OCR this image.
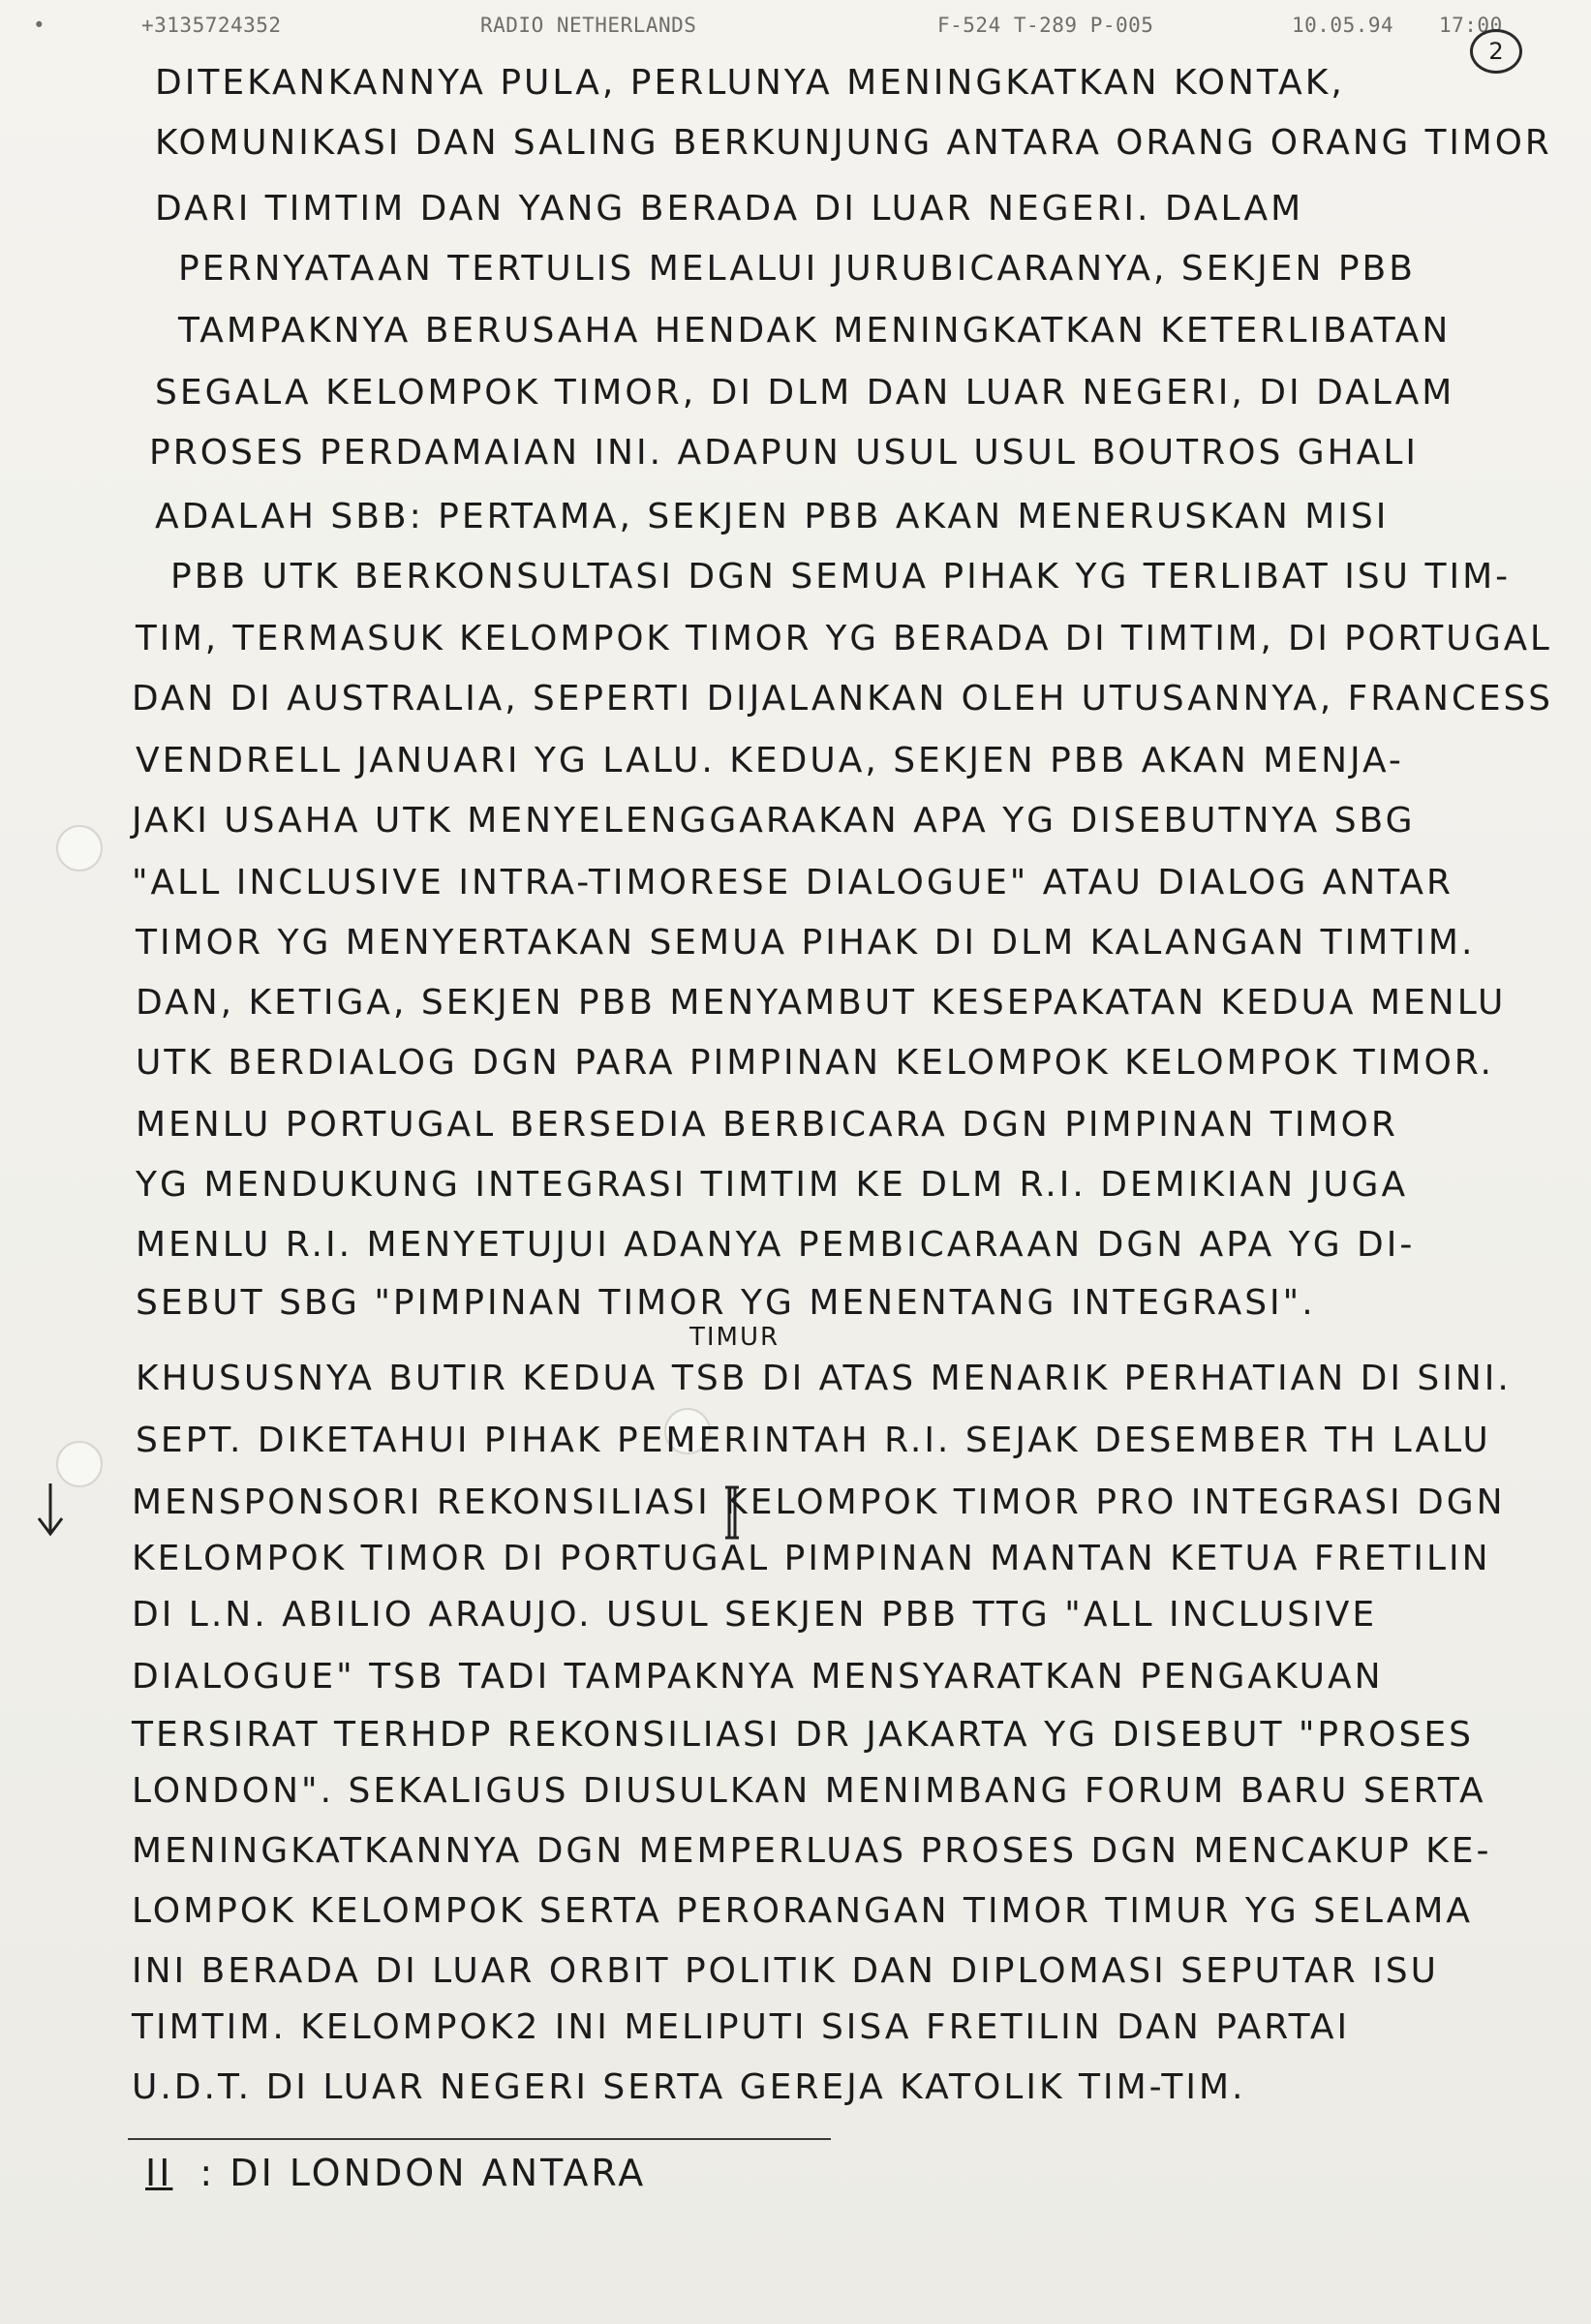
•	+3135724352	RADIO NETHERLANDS	F-524 T-289 P-005	10.05.94 17:00
2
TIMUR
DITEKANKANNYA PULA, PERLUNYA MENINGKATKAN KONTAK,
KOMUNIKASI DAN SALING BERKUNJUNG ANTARA ORANG ORANG TIMOR
DARI TIMTIM DAN YANG BERADA DI LUAR NEGERI. DALAM
PERNYATAAN TERTULIS MELALUI JURUBICARANYA, SEKJEN PBB
TAMPAKNYA BERUSAHA HENDAK MENINGKATKAN KETERLIBATAN
SEGALA KELOMPOK TIMOR, DI DLM DAN LUAR NEGERI, DI DALAM
PROSES PERDAMAIAN INI. ADAPUN USUL USUL BOUTROS GHALI
ADALAH SBB: PERTAMA, SEKJEN PBB AKAN MENERUSKAN MISI
PBB UTK BERKONSULTASI DGN SEMUA PIHAK YG TERLIBAT ISU TIM-
TIM, TERMASUK KELOMPOK TIMOR YG BERADA DI TIMTIM, DI PORTUGAL
DAN DI AUSTRALIA, SEPERTI DIJALANKAN OLEH UTUSANNYA, FRANCESS
VENDRELL JANUARI YG LALU. KEDUA, SEKJEN PBB AKAN MENJA-
JAKI USAHA UTK MENYELENGGARAKAN APA YG DISEBUTNYA SBG
"ALL INCLUSIVE INTRA-TIMORESE DIALOGUE" ATAU DIALOG ANTAR
TIMOR YG MENYERTAKAN SEMUA PIHAK DI DLM KALANGAN TIMTIM.
DAN, KETIGA, SEKJEN PBB MENYAMBUT KESEPAKATAN KEDUA MENLU
UTK BERDIALOG DGN PARA PIMPINAN KELOMPOK KELOMPOK TIMOR.
MENLU PORTUGAL BERSEDIA BERBICARA DGN PIMPINAN TIMOR
YG MENDUKUNG INTEGRASI TIMTIM KE DLM R.I. DEMIKIAN JUGA
MENLU R.I. MENYETUJUI ADANYA PEMBICARAAN DGN APA YG DI-
SEBUT SBG "PIMPINAN TIMOR YG MENENTANG INTEGRASI".
KHUSUSNYA BUTIR KEDUA TSB DI ATAS MENARIK PERHATIAN DI SINI.
SEPT. DIKETAHUI PIHAK PEMERINTAH R.I. SEJAK DESEMBER TH LALU
MENSPONSORI REKONSILIASI KELOMPOK TIMOR PRO INTEGRASI DGN
KELOMPOK TIMOR DI PORTUGAL PIMPINAN MANTAN KETUA FRETILIN
DI L.N. ABILIO ARAUJO. USUL SEKJEN PBB TTG "ALL INCLUSIVE
DIALOGUE" TSB TADI TAMPAKNYA MENSYARATKAN PENGAKUAN
TERSIRAT TERHDP REKONSILIASI DR JAKARTA YG DISEBUT "PROSES
LONDON". SEKALIGUS DIUSULKAN MENIMBANG FORUM BARU SERTA
MENINGKATKANNYA DGN MEMPERLUAS PROSES DGN MENCAKUP KE-
LOMPOK KELOMPOK SERTA PERORANGAN TIMOR TIMUR YG SELAMA
INI BERADA DI LUAR ORBIT POLITIK DAN DIPLOMASI SEPUTAR ISU
TIMTIM. KELOMPOK2 INI MELIPUTI SISA FRETILIN DAN PARTAI
U.D.T. DI LUAR NEGERI SERTA GEREJA KATOLIK TIM-TIM.
II : DI LONDON ANTARA
